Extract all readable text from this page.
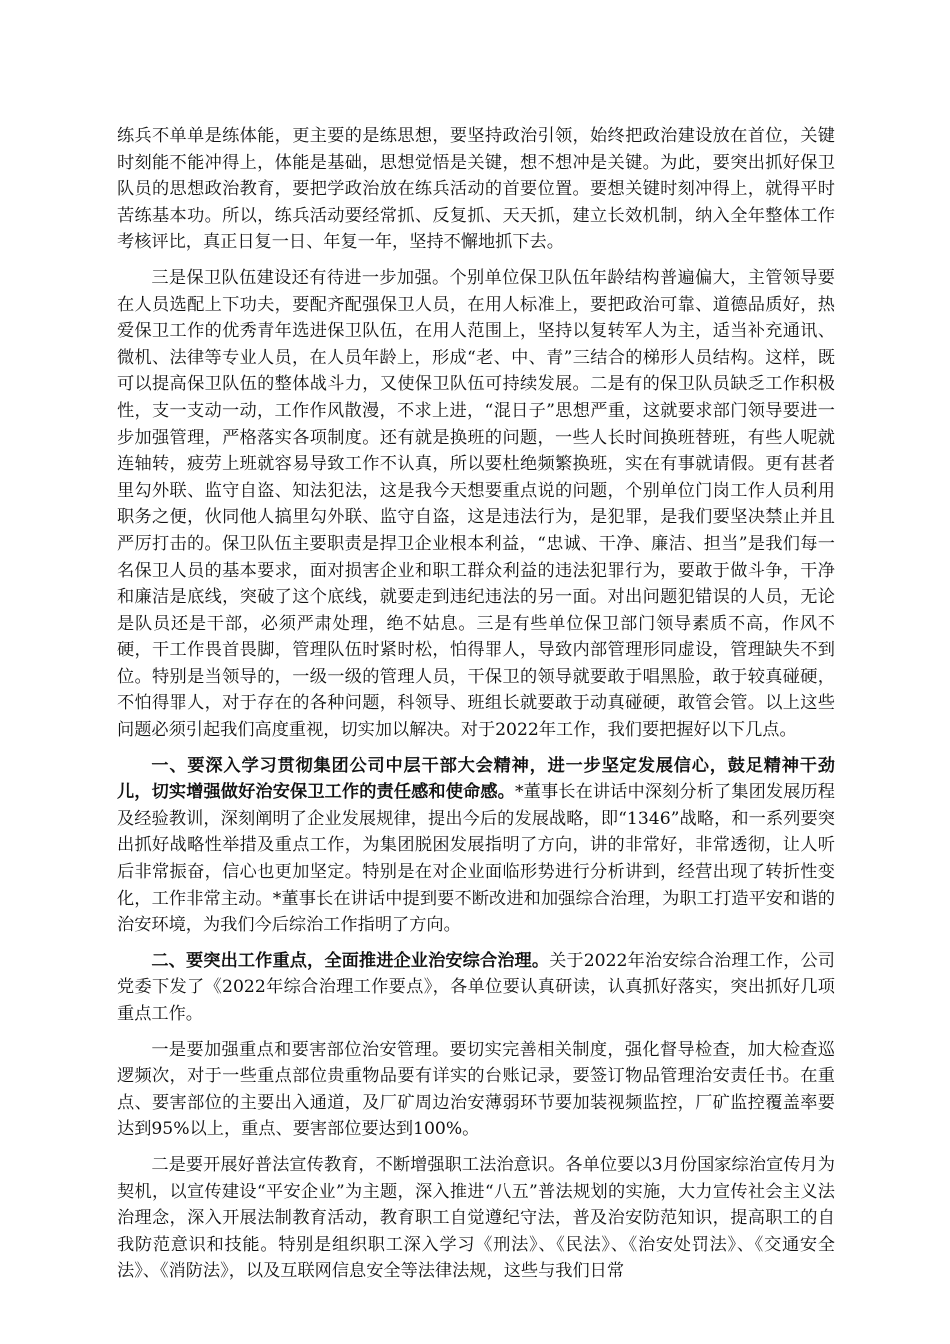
练兵不单单是练体能，更主要的是练思想，要坚持政治引领，始终把政治建设放在首位，关键时刻能不能冲得上，体能是基础，思想觉悟是关键，想不想冲是关键。为此，要突出抓好保卫队员的思想政治教育，要把学政治放在练兵活动的首要位置。要想关键时刻冲得上，就得平时苦练基本功。所以，练兵活动要经常抓、反复抓、天天抓，建立长效机制，纳入全年整体工作考核评比，真正日复一日、年复一年，坚持不懈地抓下去。

三是保卫队伍建设还有待进一步加强。个别单位保卫队伍年龄结构普遍偏大，主管领导要在人员选配上下功夫，要配齐配强保卫人员，在用人标准上，要把政治可靠、道德品质好，热爱保卫工作的优秀青年选进保卫队伍，在用人范围上，坚持以复转军人为主，适当补充通讯、微机、法律等专业人员，在人员年龄上，形成“老、中、青”三结合的梯形人员结构。这样，既可以提高保卫队伍的整体战斗力，又使保卫队伍可持续发展。二是有的保卫队员缺乏工作积极性，支一支动一动，工作作风散漫，不求上进，“混日子”思想严重，这就要求部门领导要进一步加强管理，严格落实各项制度。还有就是换班的问题，一些人长时间换班替班，有些人呢就连轴转，疲劳上班就容易导致工作不认真，所以要杜绝频繁换班，实在有事就请假。更有甚者里勾外联、监守自盗、知法犯法，这是我今天想要重点说的问题，个别单位门岗工作人员利用职务之便，伙同他人搞里勾外联、监守自盗，这是违法行为，是犯罪，是我们要坚决禁止并且严厉打击的。保卫队伍主要职责是捍卫企业根本利益，“忠诚、干净、廉洁、担当”是我们每一名保卫人员的基本要求，面对损害企业和职工群众利益的违法犯罪行为，要敢于做斗争，干净和廉洁是底线，突破了这个底线，就要走到违纪违法的另一面。对出问题犯错误的人员，无论是队员还是干部，必须严肃处理，绝不姑息。三是有些单位保卫部门领导素质不高，作风不硬，干工作畏首畏脚，管理队伍时紧时松，怕得罪人，导致内部管理形同虚设，管理缺失不到位。特别是当领导的，一级一级的管理人员，干保卫的领导就要敢于唱黑脸，敢于较真碰硬，不怕得罪人，对于存在的各种问题，科领导、班组长就要敢于动真碰硬，敢管会管。以上这些问题必须引起我们高度重视，切实加以解决。对于2022年工作，我们要把握好以下几点。

一、要深入学习贯彻集团公司中层干部大会精神，进一步坚定发展信心，鼓足精神干劲儿，切实增强做好治安保卫工作的责任感和使命感。*董事长在讲话中深刻分析了集团发展历程及经验教训，深刻阐明了企业发展规律，提出今后的发展战略，即“1346”战略，和一系列要突出抓好战略性举措及重点工作，为集团脱困发展指明了方向，讲的非常好，非常透彻，让人听后非常振奋，信心也更加坚定。特别是在对企业面临形势进行分析讲到，经营出现了转折性变化，工作非常主动。*董事长在讲话中提到要不断改进和加强综合治理，为职工打造平安和谐的治安环境，为我们今后综治工作指明了方向。

二、要突出工作重点，全面推进企业治安综合治理。关于2022年治安综合治理工作，公司党委下发了《2022年综合治理工作要点》，各单位要认真研读，认真抓好落实，突出抓好几项重点工作。

一是要加强重点和要害部位治安管理。要切实完善相关制度，强化督导检查，加大检查巡逻频次，对于一些重点部位贵重物品要有详实的台账记录，要签订物品管理治安责任书。在重点、要害部位的主要出入通道，及厂矿周边治安薄弱环节要加装视频监控，厂矿监控覆盖率要达到95%以上，重点、要害部位要达到100%。

二是要开展好普法宣传教育，不断增强职工法治意识。各单位要以3月份国家综治宣传月为契机，以宣传建设“平安企业”为主题，深入推进“八五”普法规划的实施，大力宣传社会主义法治理念，深入开展法制教育活动，教育职工自觉遵纪守法，普及治安防范知识，提高职工的自我防范意识和技能。特别是组织职工深入学习《刑法》、《民法》、《治安处罚法》、《交通安全法》、《消防法》，以及互联网信息安全等法律法规，这些与我们日常
